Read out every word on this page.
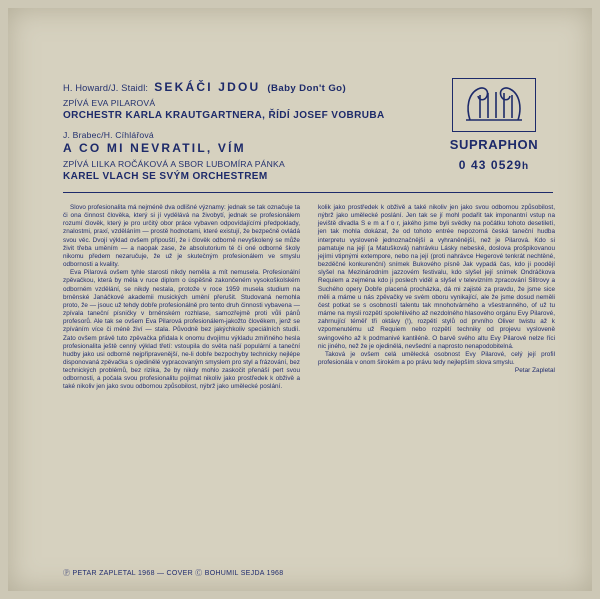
H. Howard/J. Staidl: SEKÁČI JDOU (Baby Don't Go)
ZPÍVÁ EVA PILAROVÁ
ORCHESTR KARLA KRAUTGARTNERA, ŘÍDÍ JOSEF VOBRUBA
J. Brabec/H. Cíhlářová
A CO MI NEVRATIL, VÍM
ZPÍVÁ LILKA ROČÁKOVÁ A SBOR LUBOMÍRA PÁNKA
KAREL VLACH SE SVÝM ORCHESTREM
SUPRAPHON
0 43 0529h

Slovo profesionalita má nejméně dva odlišné významy: jednak se tak označuje ta či ona činnost člověka, který si jí vydělává na živobytí, jednak se profesionálem rozumí člověk, který je pro určitý obor práce vybaven odpovídajícími předpoklady, znalostmi, praxí, vzděláním — prostě hodnotami, které existují, že bezpečně ovládá svou věc. Dvojí výklad ovšem připouští, že i člověk odborně nevyškolený se může živit třeba uměním — a naopak zase, že absolutorium té či oné odborné školy nikomu předem nezaručuje, že už je skutečným profesionálem ve smyslu odbornosti a kvality.

Eva Pilarová ovšem tyhle starosti nikdy neměla a mít nemusela. Profesionální zpěvačkou, která by měla v ruce diplom o úspěšně zakončeném vysokoškolském odborném vzdělání, se nikdy nestala, protože v roce 1959 musela studium na brněnské Janáčkové akademii musických umění přerušit. Studovaná nemohla proto, že — jsouc už tehdy dobře profesionálně pro tento druh činnosti vybavena — zpívala taneční písničky v brněnském rozhlase, samozřejmě proti vůli pánů profesorů. Ale tak se ovšem Eva Pilarová profesionálem-jakožto člověkem, jenž se zpíváním více či méně živí — stala. Původně bez jakýchkoliv speciálních studií. Zato ovšem právě tuto zpěvačka přidala k onomu dvojímu výkladu zmiňného hesla profesionalita ještě cenný výklad třetí: vstoupila do světa naší populární a taneční hudby jako usi odborně nejpřipravenější, ne-li dobře bezpochyby technicky nejlépe disponovaná zpěvačka s ojedinělé vypracovaným smyslem pro styl a frázování, bez technických problémů, bez rizika, že by nikdy mohlo zaskočit přenáší pert svou odbornosti, a počala svou profesionalitu pojímat nikoliv jako prostředek k obživě a také nikoliv jen jako svou odbornou způsobilost, nýbrž jako umělecké poslání.

kolik jako prostředek k obživě a také nikoliv jen jako svou odbornou způsobilost, nýbrž jako umělecké poslání. Jen tak se jí mohl podařit tak imponantní vstup na jeviště divadla S e m a f o r, jakého jsme byli svědky na počátku tohoto desetiletí, jen tak mohla dokázat, že od tohoto entrée nepozorná česká taneční hudba interpretu vysloveně jednoznačnější a vyhraněnější, než je Pilarová. Kdo si pamatuje na její (a Matušková) nahrávku Lásky nebeské, doslova prošpikovanou jejími vtipnými extempore, nebo na její (proti nahrávce Hegerové tenkrát nechtěné, bezděčné konkurenční) snímek Bukového písně Jak vypadá čas, kdo ji poodějí slyšel na Mezinárodním jazzovém festivalu, kdo slyšel její snímek Ondráčkova Requiem a zejména kdo ji poslech viděl a slyšel v televizním zpracování Slitrovy a Suchého opery Dobře placená procházka, dá mi zajisté za pravdu, že jsme sice měli a máme u nás zpěvačky ve svém oboru vynikající, ale že jsme dosud neměli čest potkat se s osobností talentu tak mnohotvárného a všestranného, of už tu máme na mysli rozpětí spolehlivého až nezdolného hlasového orgánu Evy Pilarové, zahrnující téměř tři oktávy (!), rozpětí stylů od prvního Oliver twistu až k vzpomenutému už Requiem nebo rozpětí techniky od projevu vysloveně swingového až k podmanivé kantiléně. O barvě svého altu Evy Pilarové nelze říci nic jiného, než že je ojedinělá, nevšední a naprosto nenapodobitelná.

Taková je ovšem celá umělecká osobnost Evy Pilarové, celý její profil profesionála v onom širokém a po právu tedy nejlepším slova smyslu.

Petar Zapletal

Ⓟ PETAR ZAPLETAL 1968 — COVER Ⓒ BOHUMIL SEJDA 1968
